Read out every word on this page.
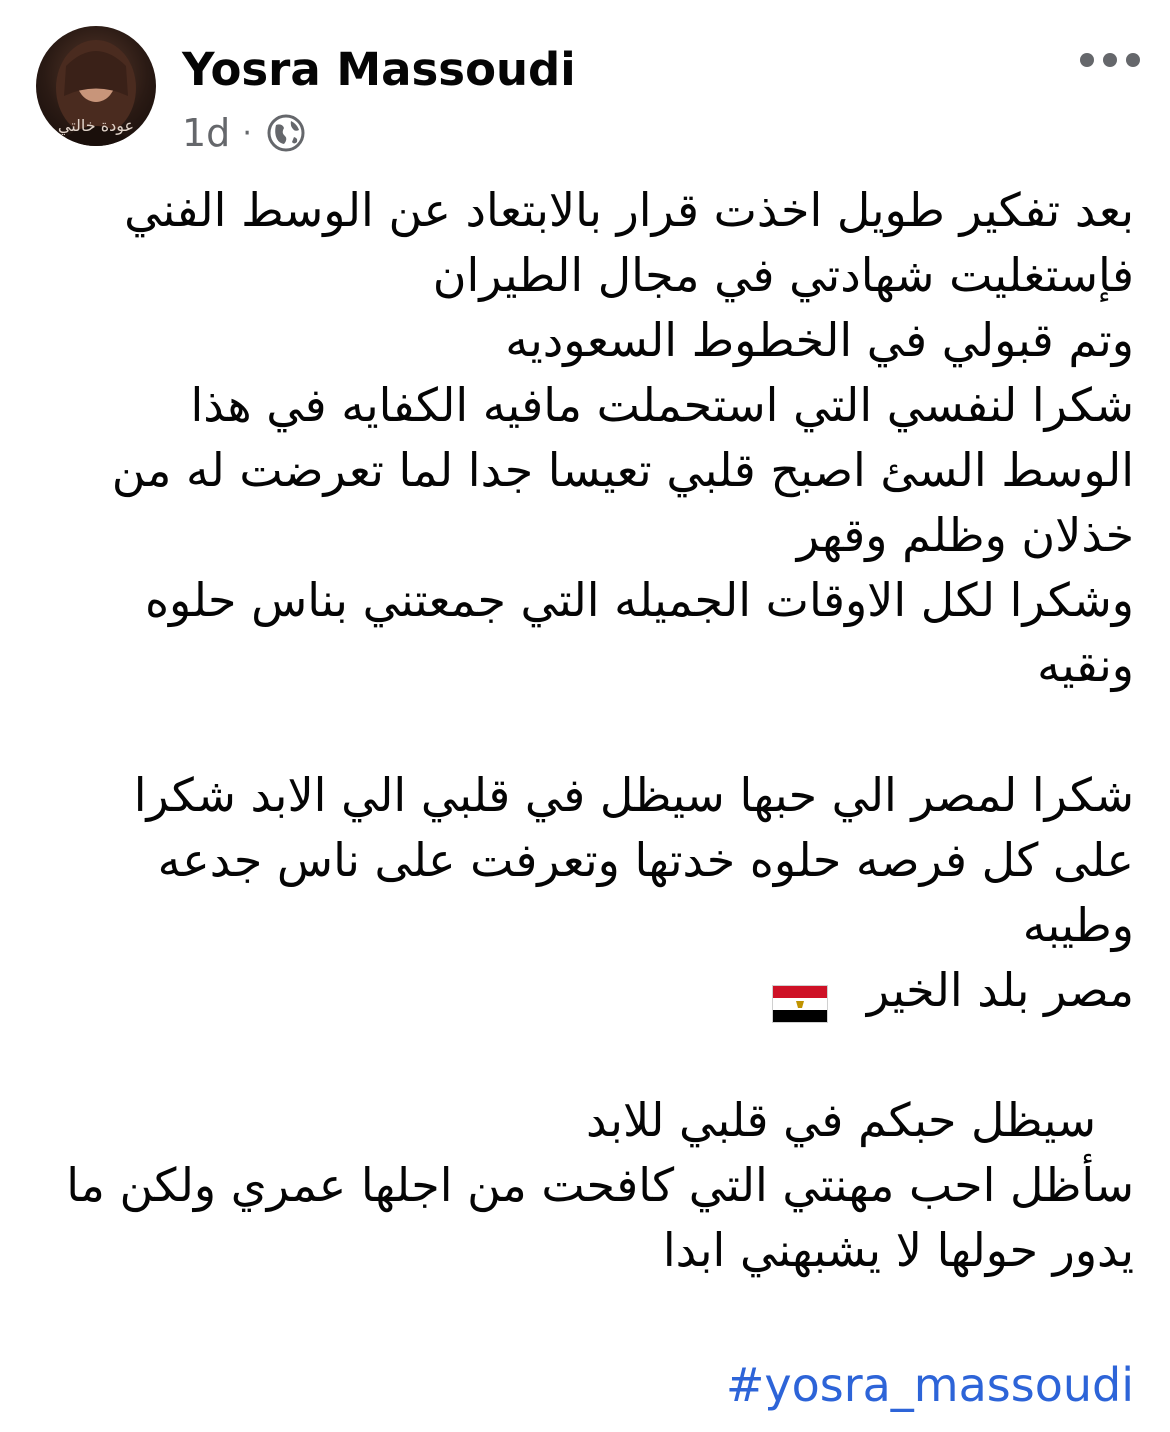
عودة خالتي
Yosra Massoudi
1d ·
بعد تفكير طويل اخذت قرار بالابتعاد عن الوسط الفني
فإستغليت شهادتي في مجال الطيران
وتم قبولي في الخطوط السعوديه
شكرا لنفسي التي استحملت مافيه الكفايه في هذا
الوسط السئ اصبح قلبي تعيسا جدا لما تعرضت له من
خذلان وظلم وقهر
وشكرا لكل الاوقات الجميله التي جمعتني بناس حلوه
ونقيه
شكرا لمصر الي حبها سيظل في قلبي الي الابد شكرا
على كل فرصه حلوه خدتها وتعرفت على ناس جدعه
وطيبه
مصر بلد الخير
سيظل حبكم في قلبي للابد
سأظل احب مهنتي التي كافحت من اجلها عمري ولكن ما
يدور حولها لا يشبهني ابدا
#yosra_massoudi
